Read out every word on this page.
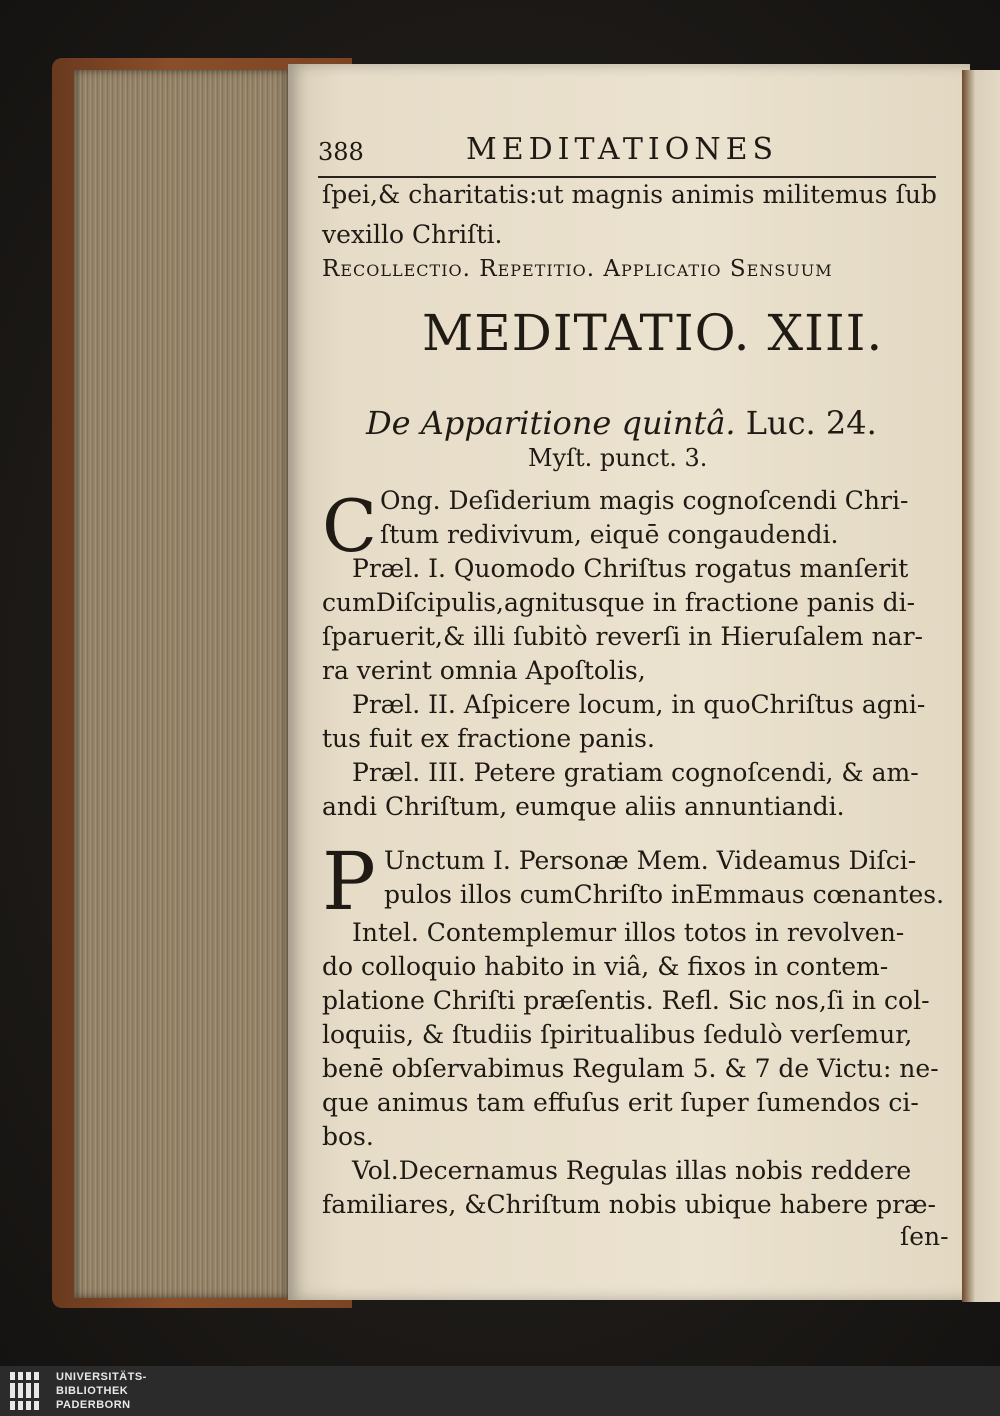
388	MEDITATIONES
ſpei,& charitatis:ut magnis animis militemus ſub
vexillo Chriſti.
Recollectio. Repetitio. Applicatio Sensuum
MEDITATIO. XIII.
De Apparitione quintâ. Luc. 24.
Myſt. punct. 3.
C Ong. Deſiderium magis cognoſcendi Chri-
ſtum redivivum, eiquē congaudendi.
Præl. I. Quomodo Chriſtus rogatus manſerit
cumDiſcipulis,agnitusque in fractione panis di-
ſparuerit,& illi ſubitò reverſi in Hieruſalem nar-
ra verint omnia Apoſtolis,
Præl. II. Aſpicere locum, in quoChriſtus agni-
tus fuit ex fractione panis.
Præl. III. Petere gratiam cognoſcendi, & am-
andi Chriſtum, eumque aliis annuntiandi.
P Unctum I. Personæ Mem. Videamus Diſci-
pulos illos cumChriſto inEmmaus cœnantes.
Intel. Contemplemur illos totos in revolven-
do colloquio habito in viâ, & fixos in contem-
platione Chriſti præſentis. Refl. Sic nos,ſi in col-
loquiis, & ſtudiis ſpiritualibus ſedulò verſemur,
benē obſervabimus Regulam 5. & 7 de Victu: ne-
que animus tam effuſus erit ſuper ſumendos ci-
bos.
Vol.Decernamus Regulas illas nobis reddere
familiares, &Chriſtum nobis ubique habere præ-
ſen-
UNIVERSITÄTS-
BIBLIOTHEK
PADERBORN
